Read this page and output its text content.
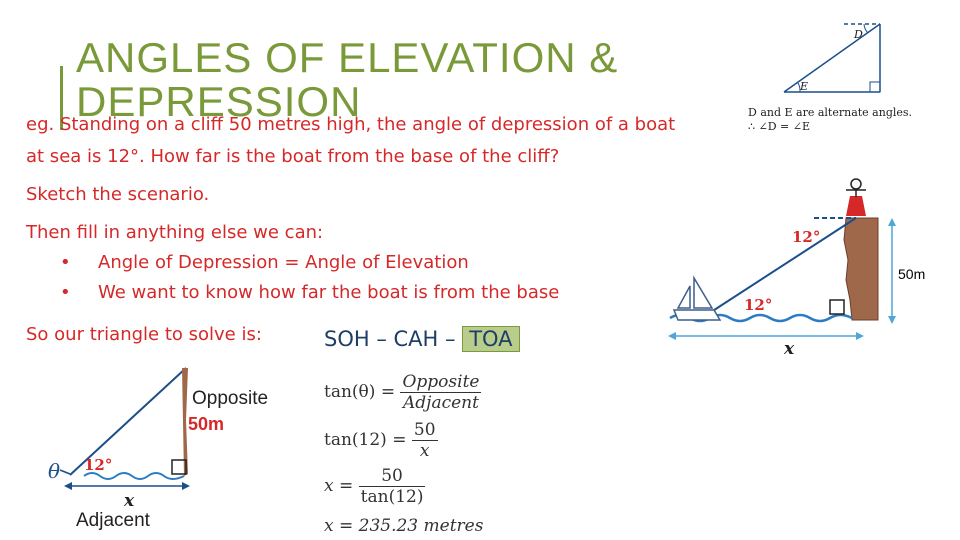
ANGLES OF ELEVATION & DEPRESSION
eg. Standing on a cliff 50 metres high, the angle of depression of a boat
at sea is 12°. How far is the boat from the base of the cliff?
Sketch the scenario.
Then fill in anything else we can:
• Angle of Depression = Angle of Elevation
• We want to know how far the boat is from the base
So our triangle to solve is:	SOH – CAH – TOA
D
E
D and E are alternate angles.
∴ ∠D = ∠E
12°
12°
x
50m
θ 12°
x
Opposite
50m
Adjacent
$\tan(\theta) = \frac{\text{Opposite}}{\text{Adjacent}}$
$\tan(12) = \frac{50}{x}$
$x = \frac{50}{\tan(12)}$
x = 235.23 metres
